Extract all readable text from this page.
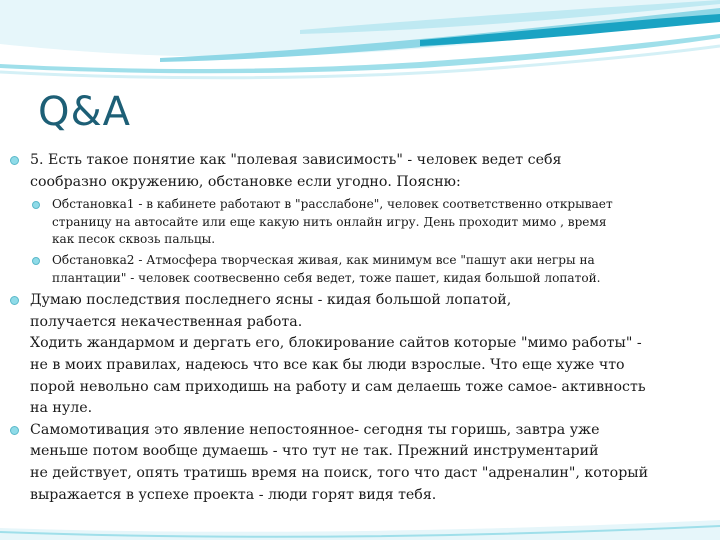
Q&A
5. Есть такое понятие как "полевая зависимость" - человек ведет себя
сообразно окружению, обстановке если угодно. Поясню:
Обстановка1 - в кабинете работают в "расслабоне", человек соответственно открывает
страницу на автосайте или еще какую нить онлайн игру. День проходит мимо , время
как песок сквозь пальцы.
Обстановка2 - Атмосфера творческая живая, как минимум все "пашут аки негры на
плантации" - человек соотвесвенно себя ведет, тоже пашет, кидая большой лопатой.
Думаю последствия последнего ясны - кидая большой лопатой,
получается некачественная работа.
Ходить жандармом и дергать его, блокирование сайтов которые "мимо работы" -
не в моих правилах, надеюсь что все как бы люди взрослые. Что еще хуже что
порой невольно сам приходишь на работу и сам делаешь тоже самое- активность
на нуле.
Самомотивация это явление непостоянное- сегодня ты горишь, завтра уже
меньше потом вообще думаешь - что тут не так. Прежний инструментарий
не действует, опять тратишь время на поиск, того что даст "адреналин", который
выражается в успехе проекта - люди горят видя тебя.
